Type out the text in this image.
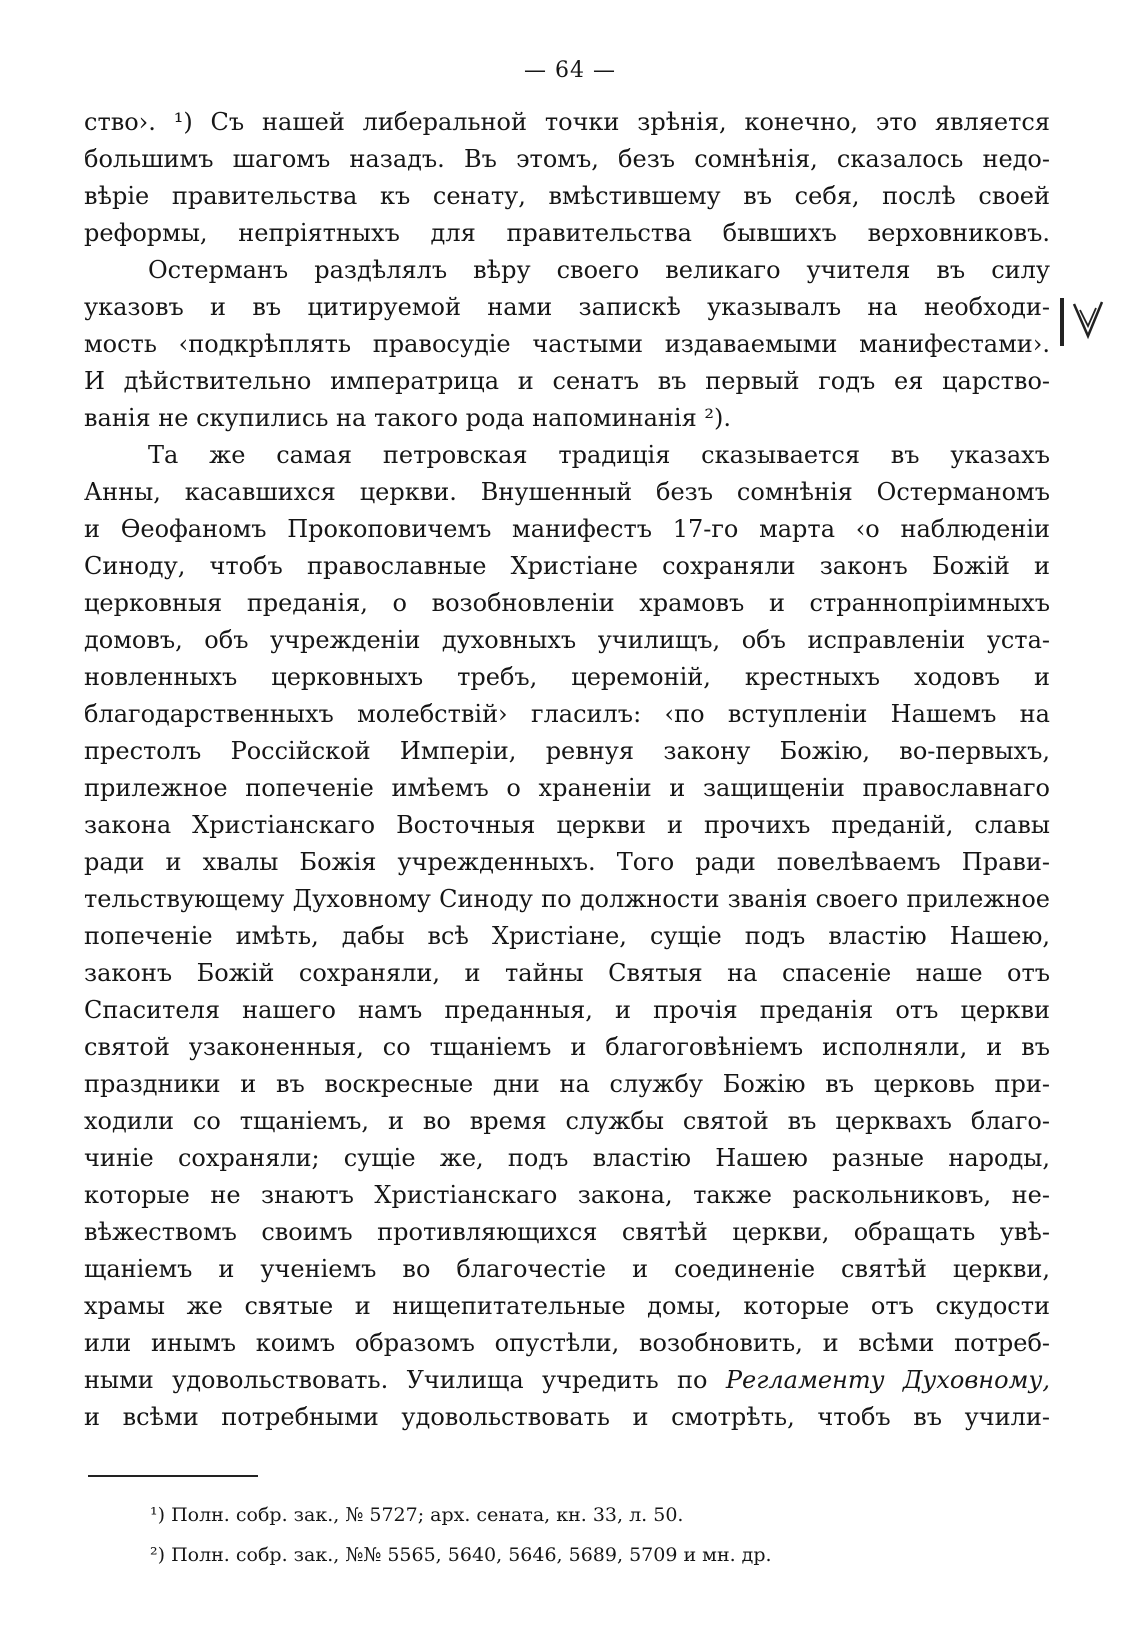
— 64 —
ство›. ¹) Съ нашей либеральной точки зрѣнія, конечно, это является
большимъ шагомъ назадъ. Въ этомъ, безъ сомнѣнія, сказалось недо-
вѣріе правительства къ сенату, вмѣстившему въ себя, послѣ своей
реформы, непріятныхъ для правительства бывшихъ верховниковъ.
Остерманъ раздѣлялъ вѣру своего великаго учителя въ силу
указовъ и въ цитируемой нами запискѣ указывалъ на необходи-
мость ‹подкрѣплять правосудіе частыми издаваемыми манифестами›.
И дѣйствительно императрица и сенатъ въ первый годъ ея царство-
ванія не скупились на такого рода напоминанія ²).
Та же самая петровская традиція сказывается въ указахъ
Анны, касавшихся церкви. Внушенный безъ сомнѣнія Остерманомъ
и Ѳеофаномъ Прокоповичемъ манифестъ 17-го марта ‹о наблюденіи
Синоду, чтобъ православные Христіане сохраняли законъ Божій и
церковныя преданія, о возобновленіи храмовъ и страннопріимныхъ
домовъ, объ учрежденіи духовныхъ училищъ, объ исправленіи уста-
новленныхъ церковныхъ требъ, церемоній, крестныхъ ходовъ и
благодарственныхъ молебствій› гласилъ: ‹по вступленіи Нашемъ на
престолъ Россійской Имперіи, ревнуя закону Божію, во-первыхъ,
прилежное попеченіе имѣемъ о храненіи и защищеніи православнаго
закона Христіанскаго Восточныя церкви и прочихъ преданій, славы
ради и хвалы Божія учрежденныхъ. Того ради повелѣваемъ Прави-
тельствующему Духовному Синоду по должности званія своего прилежное
попеченіе имѣть, дабы всѣ Христіане, сущіе подъ властію Нашею,
законъ Божій сохраняли, и тайны Святыя на спасеніе наше отъ
Спасителя нашего намъ преданныя, и прочія преданія отъ церкви
святой узаконенныя, со тщаніемъ и благоговѣніемъ исполняли, и въ
праздники и въ воскресные дни на службу Божію въ церковь при-
ходили со тщаніемъ, и во время службы святой въ церквахъ благо-
чиніе сохраняли; сущіе же, подъ властію Нашею разные народы,
которые не знаютъ Христіанскаго закона, также раскольниковъ, не-
вѣжествомъ своимъ противляющихся святѣй церкви, обращать увѣ-
щаніемъ и ученіемъ во благочестіе и соединеніе святѣй церкви,
храмы же святые и нищепитательные домы, которые отъ скудости
или инымъ коимъ образомъ опустѣли, возобновить, и всѣми потреб-
ными удовольствовать. Училища учредить по Регламенту Духовному,
и всѣми потребными удовольствовать и смотрѣть, чтобъ въ учили-
¹) Полн. собр. зак., № 5727; арх. сената, кн. 33, л. 50.
²) Полн. собр. зак., №№ 5565, 5640, 5646, 5689, 5709 и мн. др.
